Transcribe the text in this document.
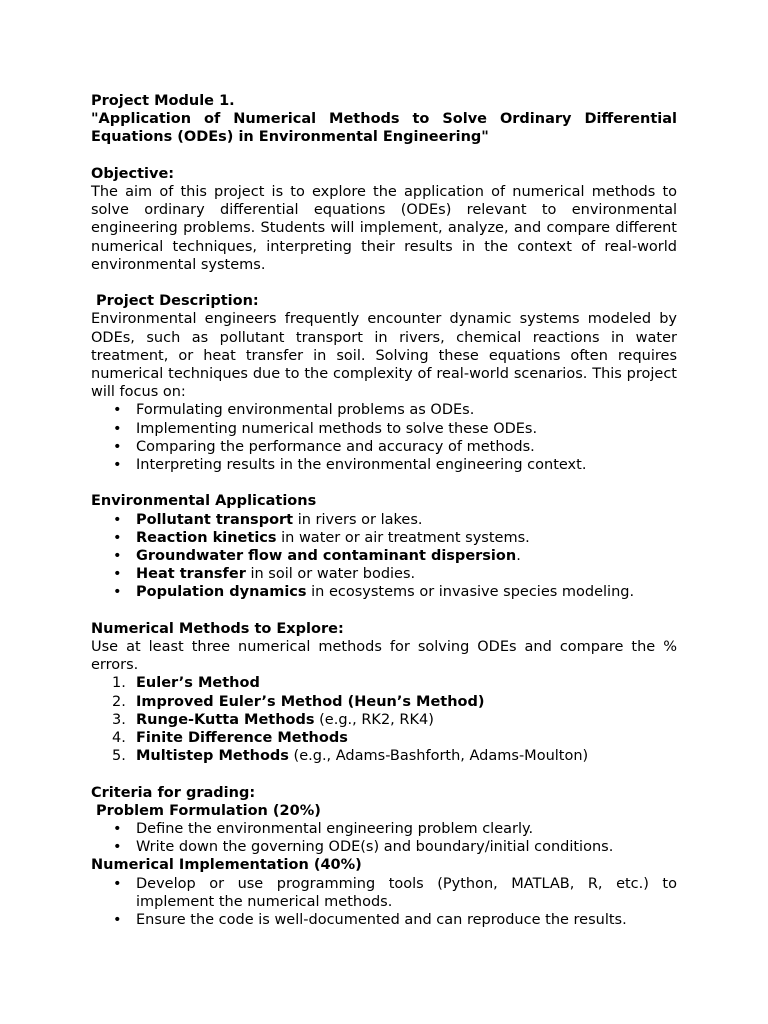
Project Module 1.

"Application of Numerical Methods to Solve Ordinary Differential Equations (ODEs) in Environmental Engineering"

Objective:

The aim of this project is to explore the application of numerical methods to solve ordinary differential equations (ODEs) relevant to environmental engineering problems. Students will implement, analyze, and compare different numerical techniques, interpreting their results in the context of real-world environmental systems.

Project Description:

Environmental engineers frequently encounter dynamic systems modeled by ODEs, such as pollutant transport in rivers, chemical reactions in water treatment, or heat transfer in soil. Solving these equations often requires numerical techniques due to the complexity of real-world scenarios. This project will focus on:

• Formulating environmental problems as ODEs.
• Implementing numerical methods to solve these ODEs.
• Comparing the performance and accuracy of methods.
• Interpreting results in the environmental engineering context.

Environmental Applications

• Pollutant transport in rivers or lakes.
• Reaction kinetics in water or air treatment systems.
• Groundwater flow and contaminant dispersion.
• Heat transfer in soil or water bodies.
• Population dynamics in ecosystems or invasive species modeling.

Numerical Methods to Explore:

Use at least three numerical methods for solving ODEs and compare the % errors.

1. Euler’s Method
2. Improved Euler’s Method (Heun’s Method)
3. Runge-Kutta Methods (e.g., RK2, RK4)
4. Finite Difference Methods
5. Multistep Methods (e.g., Adams-Bashforth, Adams-Moulton)

Criteria for grading:

Problem Formulation (20%)

• Define the environmental engineering problem clearly.
• Write down the governing ODE(s) and boundary/initial conditions.

Numerical Implementation (40%)

• Develop or use programming tools (Python, MATLAB, R, etc.) to implement the numerical methods.
• Ensure the code is well-documented and can reproduce the results.
